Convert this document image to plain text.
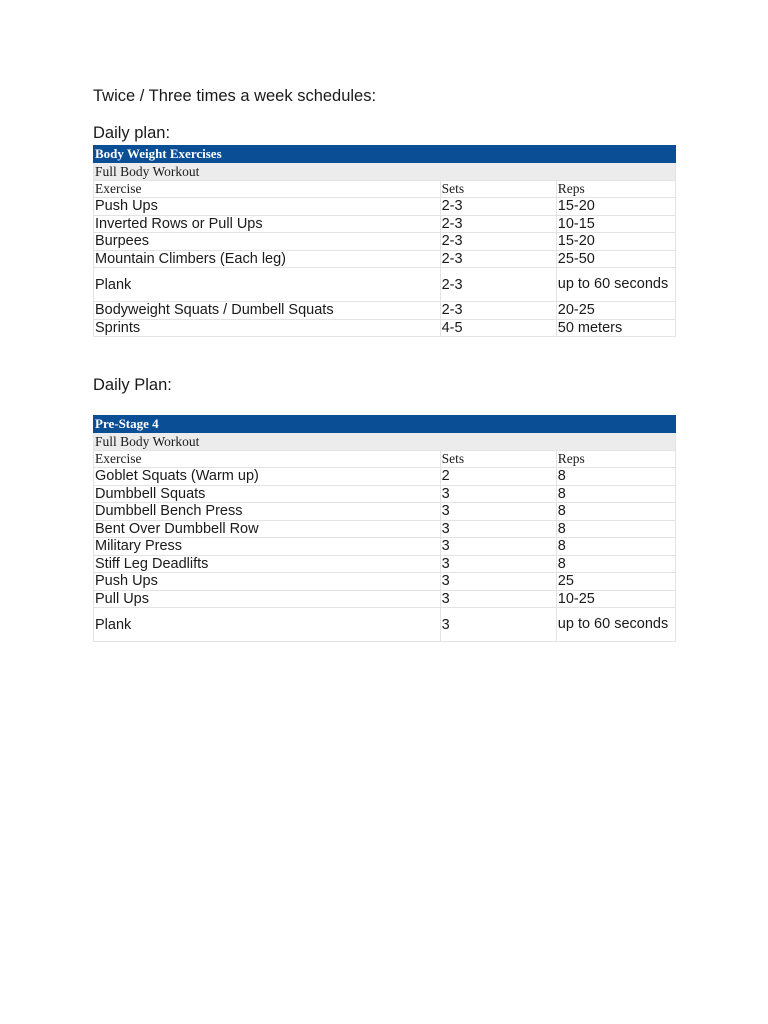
Twice / Three times a week schedules:
Daily plan:
Body Weight Exercises		
Full Body Workout		
Exercise	Sets	Reps
Push Ups	2-3	15-20
Inverted Rows or Pull Ups	2-3	10-15
Burpees	2-3	15-20
Mountain Climbers (Each leg)	2-3	25-50
Plank	2-3	up to 60 seconds
Bodyweight Squats / Dumbell Squats	2-3	20-25
Sprints	4-5	50 meters
Daily Plan:
Pre-Stage 4		
Full Body Workout		
Exercise	Sets	Reps
Goblet Squats (Warm up)	2	8
Dumbbell Squats	3	8
Dumbbell Bench Press	3	8
Bent Over Dumbbell Row	3	8
Military Press	3	8
Stiff Leg Deadlifts	3	8
Push Ups	3	25
Pull Ups	3	10-25
Plank	3	up to 60 seconds
